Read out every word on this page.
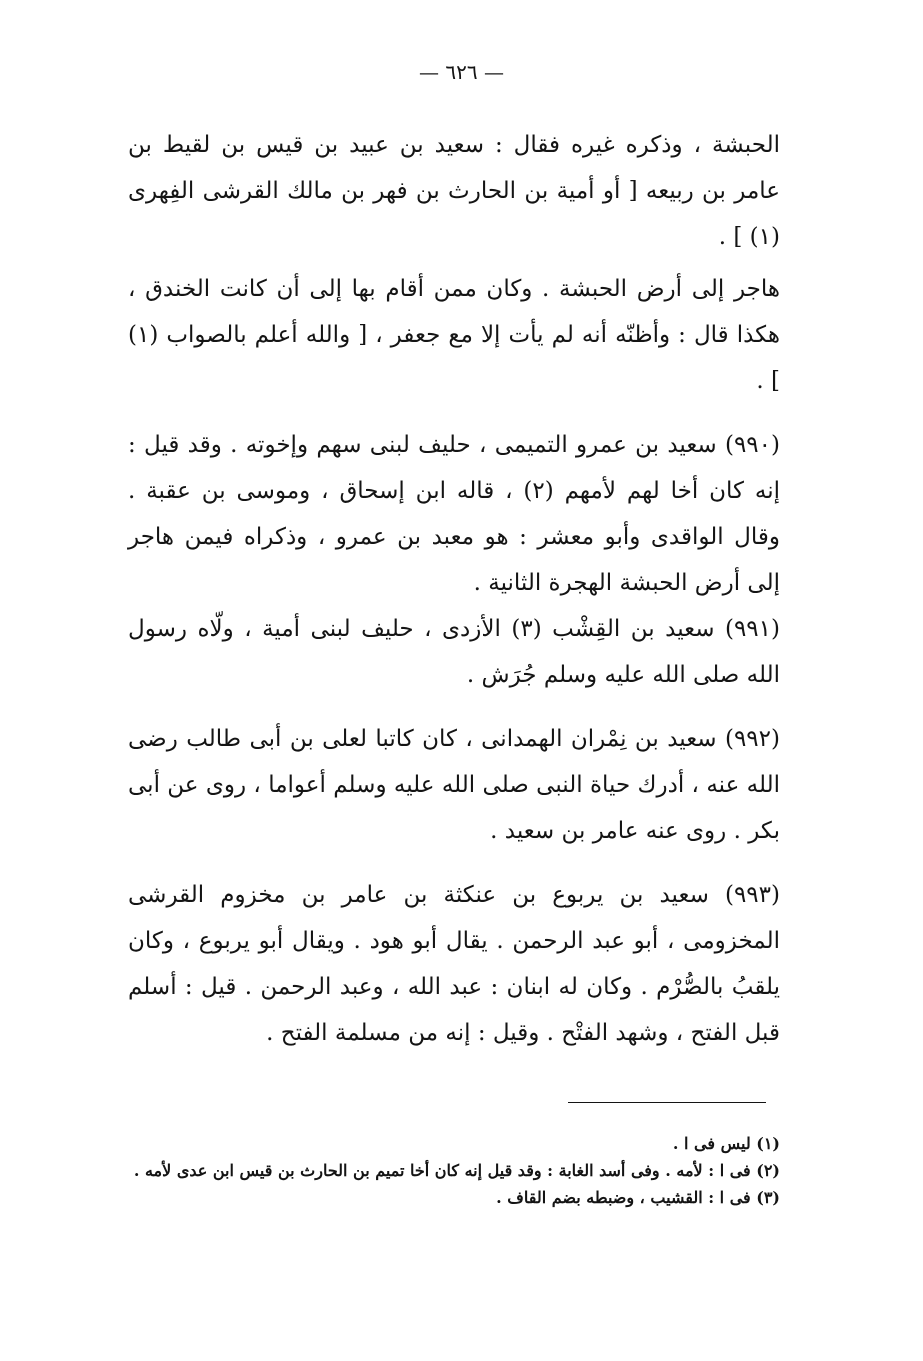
— ٦٢٦ —

الحبشة ، وذكره غيره فقال : سعيد بن عبيد بن قيس بن لقيط بن عامر بن ربيعه [ أو أمية بن الحارث بن فهر بن مالك القرشى الفِهرى (١) ] .

هاجر إلى أرض الحبشة . وكان ممن أقام بها إلى أن كانت الخندق ، هكذا قال : وأظنّه أنه لم يأت إلا مع جعفر ، [ والله أعلم بالصواب (١) ] .

(٩٩٠) سعيد بن عمرو التميمى ، حليف لبنى سهم وإخوته . وقد قيل : إنه كان أخا لهم لأمهم (٢) ، قاله ابن إسحاق ، وموسى بن عقبة . وقال الواقدى وأبو معشر : هو معبد بن عمرو ، وذكراه فيمن هاجر إلى أرض الحبشة الهجرة الثانية .

(٩٩١) سعيد بن القِشْب (٣) الأزدى ، حليف لبنى أمية ، ولّاه رسول الله صلى الله عليه وسلم جُرَش .

(٩٩٢) سعيد بن نِمْران الهمدانى ، كان كاتبا لعلى بن أبى طالب رضى الله عنه ، أدرك حياة النبى صلى الله عليه وسلم أعواما ، روى عن أبى بكر . روى عنه عامر بن سعيد .

(٩٩٣) سعيد بن يربوع بن عنكثة بن عامر بن مخزوم القرشى المخزومى ، أبو عبد الرحمن . يقال أبو هود . ويقال أبو يربوع ، وكان يلقبُ بالصُّرْم . وكان له ابنان : عبد الله ، وعبد الرحمن . قيل : أسلم قبل الفتح ، وشهد الفتْح . وقيل : إنه من مسلمة الفتح .

(١) ليس فى ا .

(٢) فى ا : لأمه . وفى أسد الغابة : وقد قيل إنه كان أخا تميم بن الحارث بن قيس ابن عدى لأمه .

(٣) فى ا : القشيب ، وضبطه بضم القاف .
